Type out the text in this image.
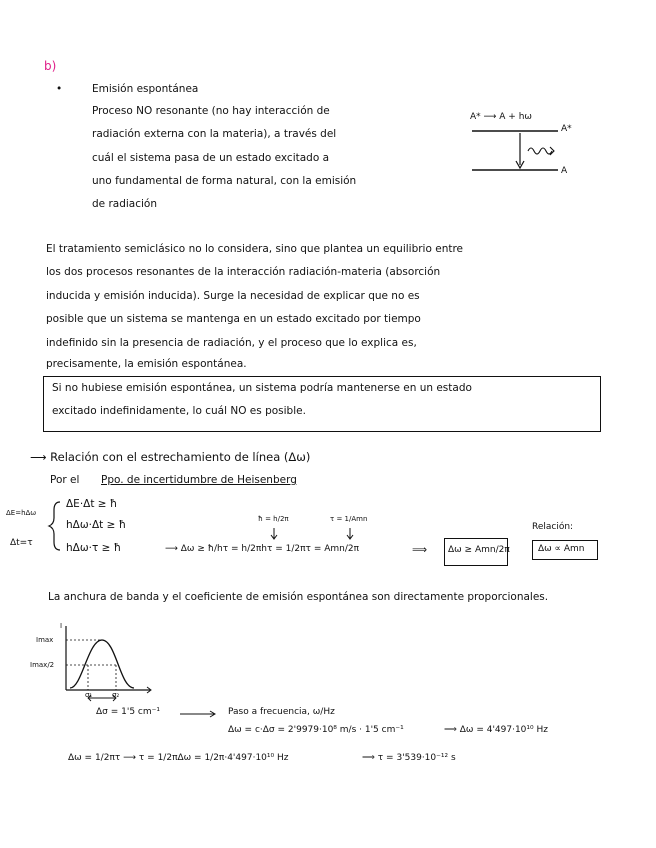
b)
•	Emisión espontánea
Proceso NO resonante (no hay interacción de
radiación externa con la materia), a través del
cuál el sistema pasa de un estado excitado a
uno fundamental de forma natural, con la emisión
de radiación
A* ⟶ A + hω
A*
A
El tratamiento semiclásico no lo considera, sino que plantea un equilibrio entre
los dos procesos resonantes de la interacción radiación-materia (absorción
inducida y emisión inducida). Surge la necesidad de explicar que no es
posible que un sistema se mantenga en un estado excitado por tiempo
indefinido sin la presencia de radiación, y el proceso que lo explica es,
precisamente, la emisión espontánea.
Si no hubiese emisión espontánea, un sistema podría mantenerse en un estado
excitado indefinidamente, lo cuál NO es posible.
⟶ Relación con el estrechamiento de línea (Δω)
Por el Ppo. de incertidumbre de Heisenberg
ΔE=hΔω
Δt=τ
ΔE·Δt ≥ ħ
hΔω·Δt ≥ ħ
hΔω·τ ≥ ħ
ħ = h/2π	τ = 1/Amn
⟶ Δω ≥ ħ/hτ = h/2πhτ = 1/2πτ = Amn/2π	⟹ Δω ≥ Amn/2π
Relación:
Δω ∝ Amn
La anchura de banda y el coeficiente de emisión espontánea son directamente proporcionales.
I
Imax
Imax/2
σ₁	σ₂
Δσ = 1'5 cm⁻¹	Paso a frecuencia, ω/Hz
Δω = c·Δσ = 2'9979·10⁸ m/s · 1'5 cm⁻¹	⟹ Δω = 4'497·10¹⁰ Hz
Δω = 1/2πτ ⟶ τ = 1/2πΔω = 1/2π·4'497·10¹⁰ Hz	⟹ τ = 3'539·10⁻¹² s
